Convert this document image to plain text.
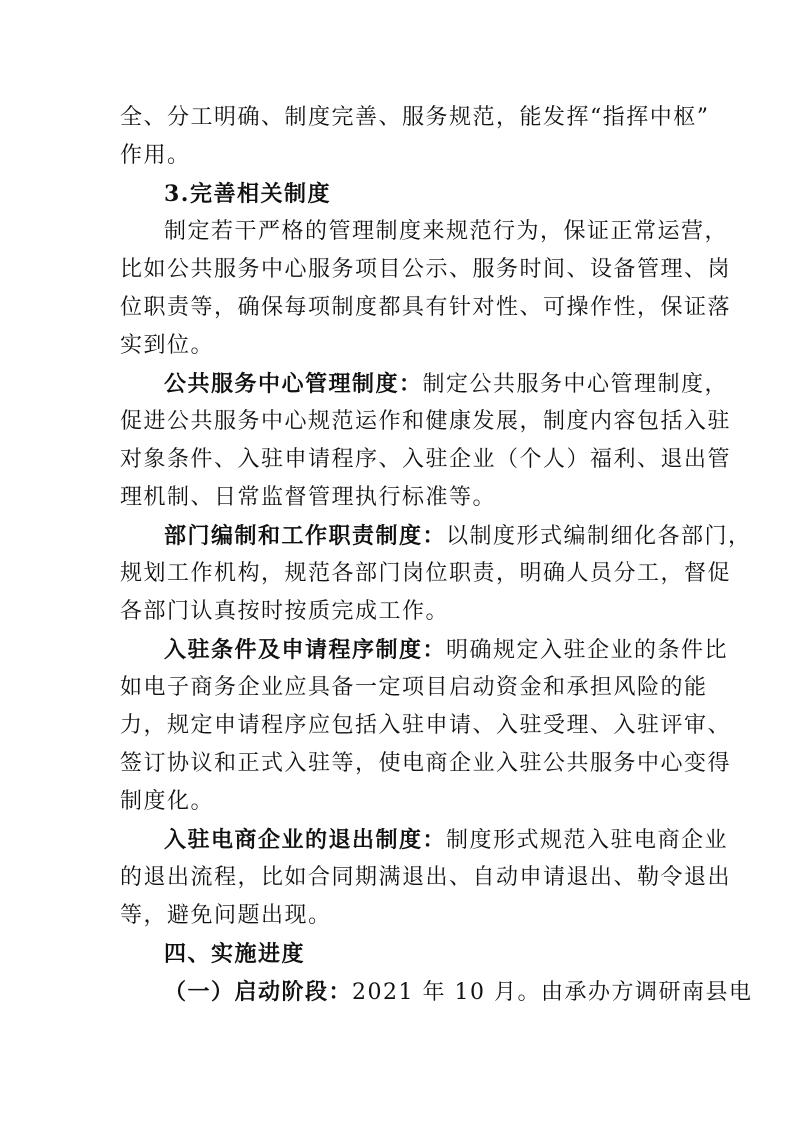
全、分工明确、制度完善、服务规范，能发挥“指挥中枢”
作用。
3.完善相关制度
制定若干严格的管理制度来规范行为，保证正常运营，
比如公共服务中心服务项目公示、服务时间、设备管理、岗
位职责等，确保每项制度都具有针对性、可操作性，保证落
实到位。
公共服务中心管理制度：制定公共服务中心管理制度，
促进公共服务中心规范运作和健康发展，制度内容包括入驻
对象条件、入驻申请程序、入驻企业（个人）福利、退出管
理机制、日常监督管理执行标准等。
部门编制和工作职责制度：以制度形式编制细化各部门，
规划工作机构，规范各部门岗位职责，明确人员分工，督促
各部门认真按时按质完成工作。
入驻条件及申请程序制度：明确规定入驻企业的条件比
如电子商务企业应具备一定项目启动资金和承担风险的能
力，规定申请程序应包括入驻申请、入驻受理、入驻评审、
签订协议和正式入驻等，使电商企业入驻公共服务中心变得
制度化。
入驻电商企业的退出制度：制度形式规范入驻电商企业
的退出流程，比如合同期满退出、自动申请退出、勒令退出
等，避免问题出现。
四、实施进度
（一）启动阶段：2021 年 10 月。由承办方调研南县电
